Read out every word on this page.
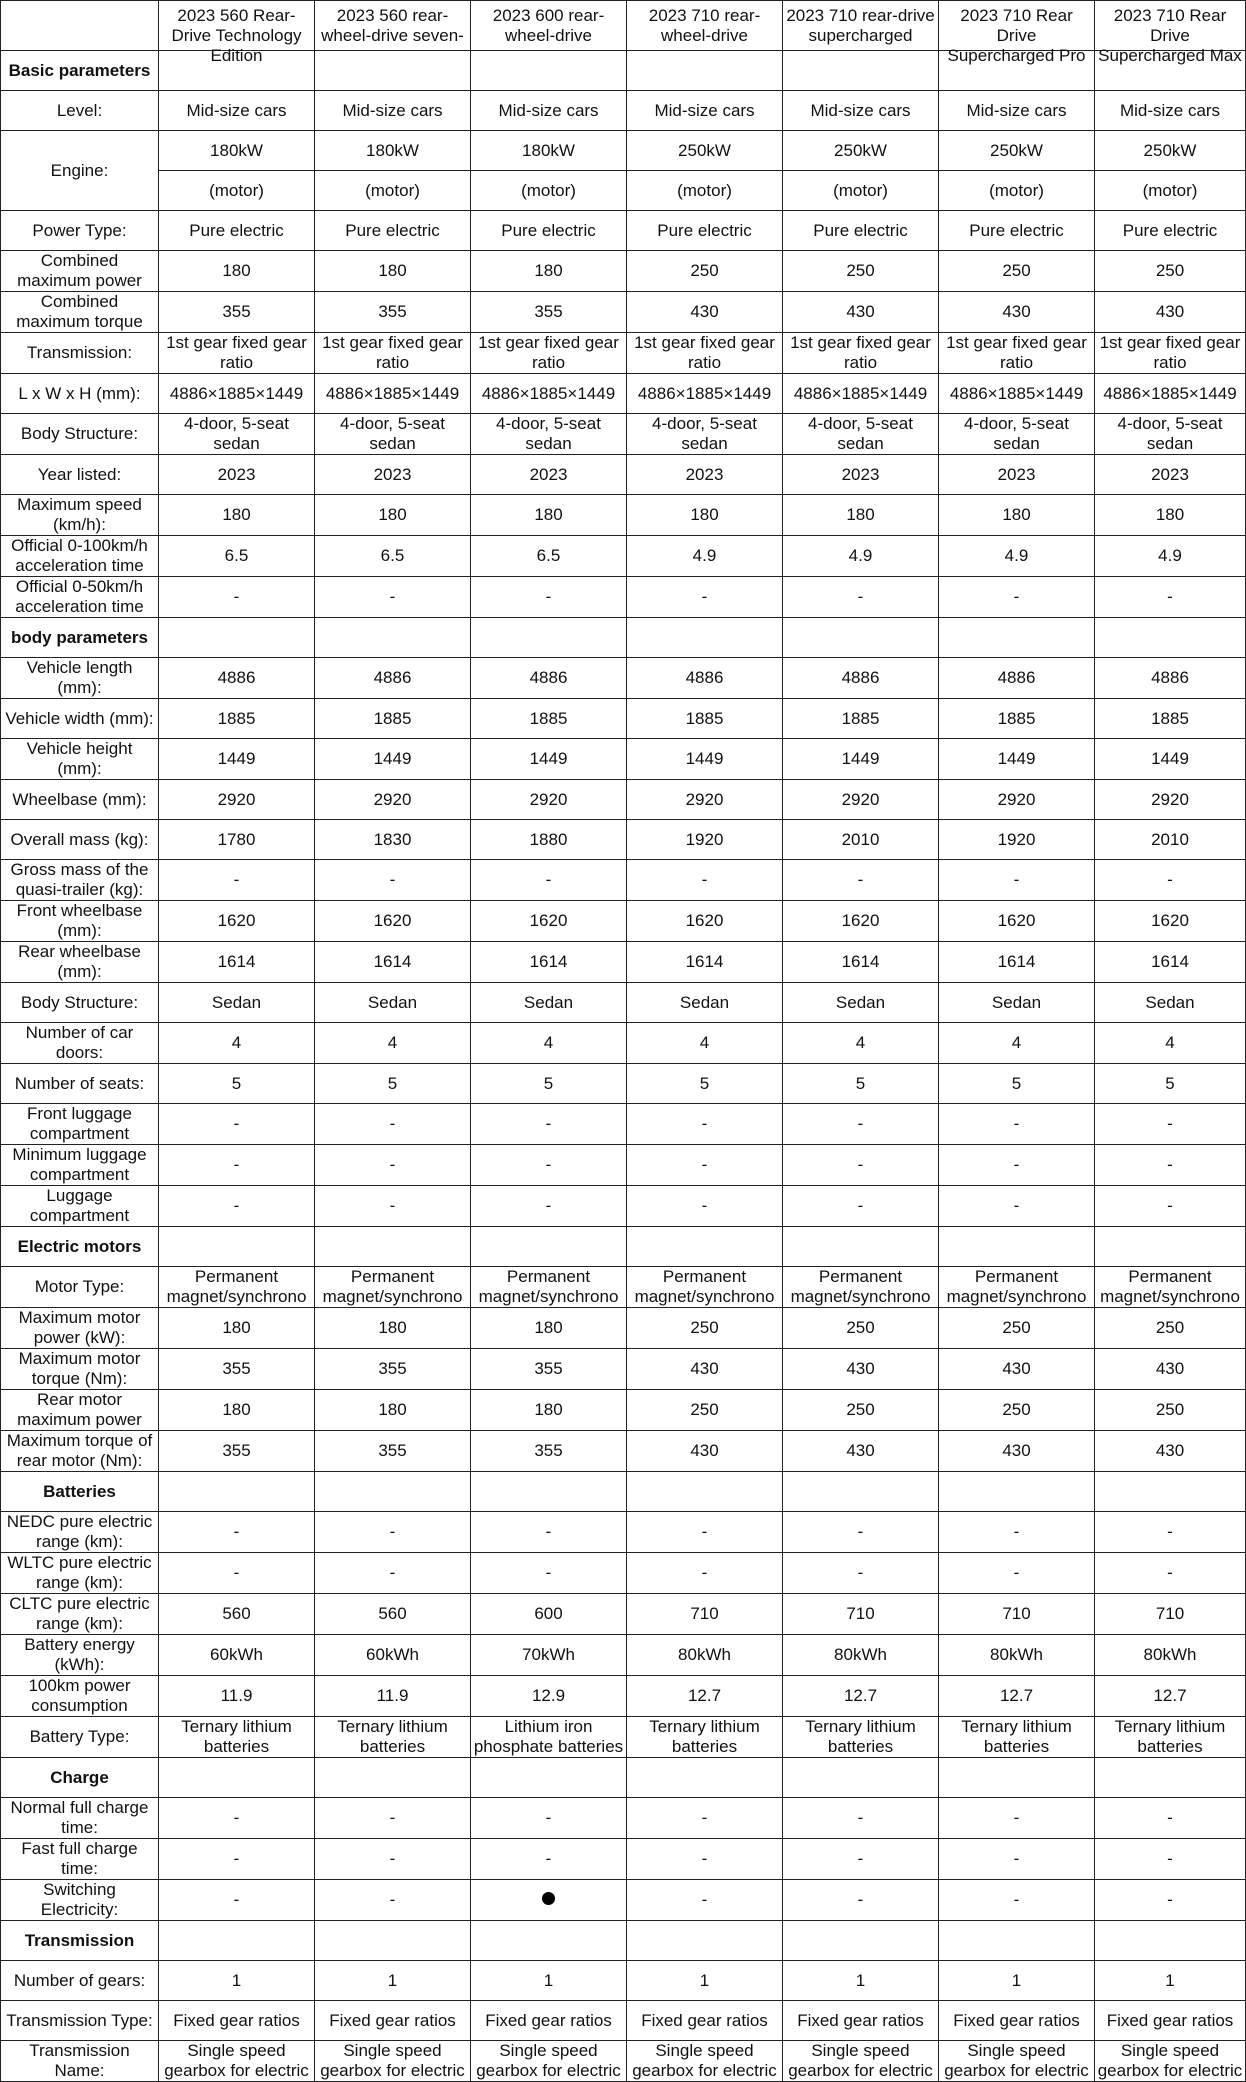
	2023 560 Rear-Drive Technology Edition	2023 560 rear-wheel-drive seven-	2023 600 rear-wheel-drive	2023 710 rear-wheel-drive	2023 710 rear-drive supercharged	2023 710 Rear Drive Supercharged Pro	2023 710 Rear Drive Supercharged Max

Basic parameters							

Level:	Mid-size cars	Mid-size cars	Mid-size cars	Mid-size cars	Mid-size cars	Mid-size cars	Mid-size cars

Engine:	180kW	180kW	180kW	250kW	250kW	250kW	250kW

	(motor)	(motor)	(motor)	(motor)	(motor)	(motor)	(motor)

Power Type:	Pure electric	Pure electric	Pure electric	Pure electric	Pure electric	Pure electric	Pure electric

Combined maximum power	180	180	180	250	250	250	250

Combined maximum torque	355	355	355	430	430	430	430

Transmission:	1st gear fixed gear ratio	1st gear fixed gear ratio	1st gear fixed gear ratio	1st gear fixed gear ratio	1st gear fixed gear ratio	1st gear fixed gear ratio	1st gear fixed gear ratio

L x W x H (mm):	4886×1885×1449	4886×1885×1449	4886×1885×1449	4886×1885×1449	4886×1885×1449	4886×1885×1449	4886×1885×1449

Body Structure:	4-door, 5-seat sedan	4-door, 5-seat sedan	4-door, 5-seat sedan	4-door, 5-seat sedan	4-door, 5-seat sedan	4-door, 5-seat sedan	4-door, 5-seat sedan

Year listed:	2023	2023	2023	2023	2023	2023	2023

Maximum speed (km/h):	180	180	180	180	180	180	180

Official 0-100km/h acceleration time	6.5	6.5	6.5	4.9	4.9	4.9	4.9

Official 0-50km/h acceleration time	-	-	-	-	-	-	-

body parameters							

Vehicle length (mm):	4886	4886	4886	4886	4886	4886	4886

Vehicle width (mm):	1885	1885	1885	1885	1885	1885	1885

Vehicle height (mm):	1449	1449	1449	1449	1449	1449	1449

Wheelbase (mm):	2920	2920	2920	2920	2920	2920	2920

Overall mass (kg):	1780	1830	1880	1920	2010	1920	2010

Gross mass of the quasi-trailer (kg):	-	-	-	-	-	-	-

Front wheelbase (mm):	1620	1620	1620	1620	1620	1620	1620

Rear wheelbase (mm):	1614	1614	1614	1614	1614	1614	1614

Body Structure:	Sedan	Sedan	Sedan	Sedan	Sedan	Sedan	Sedan

Number of car doors:	4	4	4	4	4	4	4

Number of seats:	5	5	5	5	5	5	5

Front luggage compartment	-	-	-	-	-	-	-

Minimum luggage compartment	-	-	-	-	-	-	-

Luggage compartment	-	-	-	-	-	-	-

Electric motors							

Motor Type:	Permanent magnet/synchrono	Permanent magnet/synchrono	Permanent magnet/synchrono	Permanent magnet/synchrono	Permanent magnet/synchrono	Permanent magnet/synchrono	Permanent magnet/synchrono

Maximum motor power (kW):	180	180	180	250	250	250	250

Maximum motor torque (Nm):	355	355	355	430	430	430	430

Rear motor maximum power	180	180	180	250	250	250	250

Maximum torque of rear motor (Nm):	355	355	355	430	430	430	430

Batteries							

NEDC pure electric range (km):	-	-	-	-	-	-	-

WLTC pure electric range (km):	-	-	-	-	-	-	-

CLTC pure electric range (km):	560	560	600	710	710	710	710

Battery energy (kWh):	60kWh	60kWh	70kWh	80kWh	80kWh	80kWh	80kWh

100km power consumption	11.9	11.9	12.9	12.7	12.7	12.7	12.7

Battery Type:	Ternary lithium batteries	Ternary lithium batteries	Lithium iron phosphate batteries	Ternary lithium batteries	Ternary lithium batteries	Ternary lithium batteries	Ternary lithium batteries

Charge							

Normal full charge time:	-	-	-	-	-	-	-

Fast full charge time:	-	-	-	-	-	-	-

Switching Electricity:	-	-		-	-	-	-

Transmission							

Number of gears:	1	1	1	1	1	1	1

Transmission Type:	Fixed gear ratios	Fixed gear ratios	Fixed gear ratios	Fixed gear ratios	Fixed gear ratios	Fixed gear ratios	Fixed gear ratios

Transmission Name:	Single speed gearbox for electric	Single speed gearbox for electric	Single speed gearbox for electric	Single speed gearbox for electric	Single speed gearbox for electric	Single speed gearbox for electric	Single speed gearbox for electric
